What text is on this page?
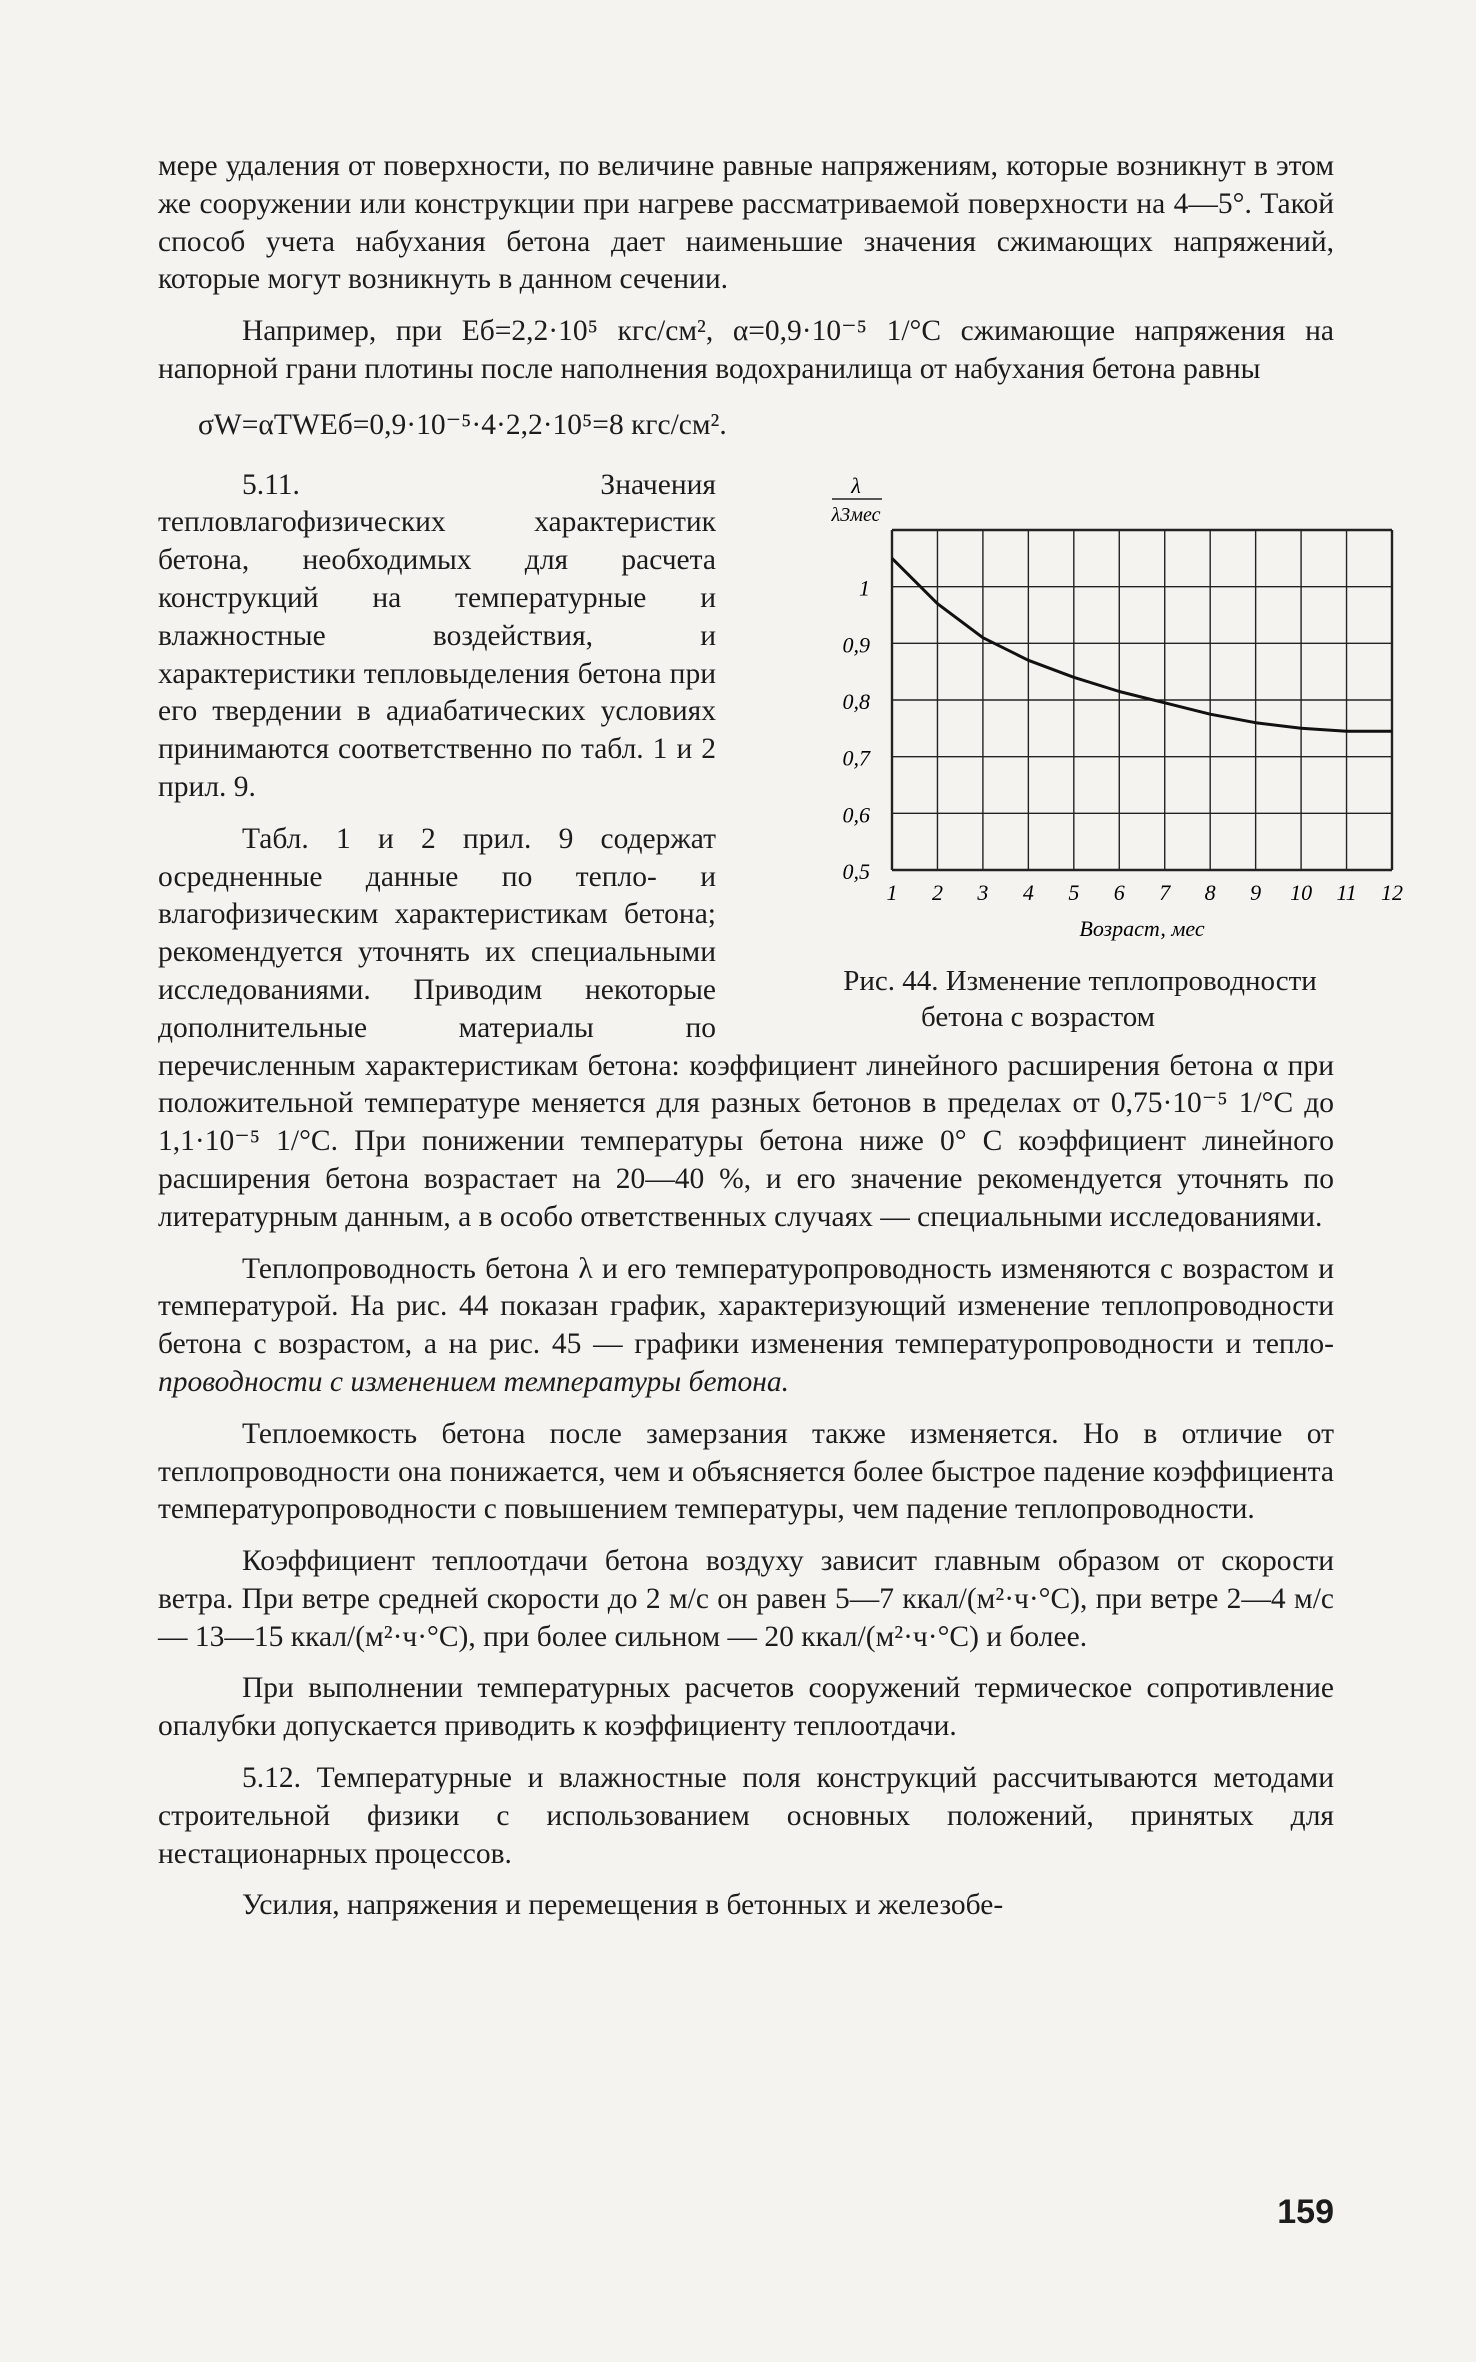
мере удаления от поверхности, по величине равные напряжениям, которые возникнут в этом же сооружении или конструкции при нагреве рассматриваемой поверхности на 4—5°. Такой способ учета набухания бетона дает наименьшие значения сжимающих напряжений, которые могут возникнуть в данном сечении.

Например, при Eб=2,2·10⁵ кгс/см², α=0,9·10⁻⁵ 1/°С сжимающие напряжения на напорной грани плотины после наполнения водохранилища от набухания бетона равны

σW=αTWEб=0,9·10⁻⁵·4·2,2·10⁵=8 кгс/см².

1
0,9
0,8
0,7
0,6
0,5
1 2 3 4 5 6 7 8 9 10 11 12
Возраст, мес
λ
λ3мес
Рис. 44. Изменение теплопроводности бетона с возрастом
5.11. Значения тепловлагофизических характеристик бетона, необходимых для расчета конструкций на температурные и влажностные воздействия, и характеристики тепловыделения бетона при его твердении в адиабатических условиях принимаются соответственно по табл. 1 и 2 прил. 9.

Табл. 1 и 2 прил. 9 содержат осредненные данные по тепло- и влагофизическим характеристикам бетона; рекомендуется уточнять их специальными исследованиями. Приводим некоторые дополнительные материалы по перечисленным характеристикам бетона: коэффициент линейного расширения бетона α при положительной температуре меняется для разных бетонов в пределах от 0,75·10⁻⁵ 1/°С до 1,1·10⁻⁵ 1/°С. При понижении температуры бетона ниже 0° С коэффициент линейного расширения бетона возрастает на 20—40 %, и его значение рекомендуется уточнять по литературным данным, а в особо ответственных случаях — специальными исследованиями.

Теплопроводность бетона λ и его температуропроводность изменяются с возрастом и температурой. На рис. 44 показан график, характеризующий изменение теплопроводности бетона с возрастом, а на рис. 45 — графики изменения температуропроводности и тепло-проводности с изменением температуры бетона.

Теплоемкость бетона после замерзания также изменяется. Но в отличие от теплопроводности она понижается, чем и объясняется более быстрое падение коэффициента температуропроводности с повышением температуры, чем падение теплопроводности.

Коэффициент теплоотдачи бетона воздуху зависит главным образом от скорости ветра. При ветре средней скорости до 2 м/с он равен 5—7 ккал/(м²·ч·°С), при ветре 2—4 м/с — 13—15 ккал/(м²·ч·°С), при более сильном — 20 ккал/(м²·ч·°С) и более.

При выполнении температурных расчетов сооружений термическое сопротивление опалубки допускается приводить к коэффициенту теплоотдачи.

5.12. Температурные и влажностные поля конструкций рассчитываются методами строительной физики с использованием основных положений, принятых для нестационарных процессов.

Усилия, напряжения и перемещения в бетонных и железобе-

159
